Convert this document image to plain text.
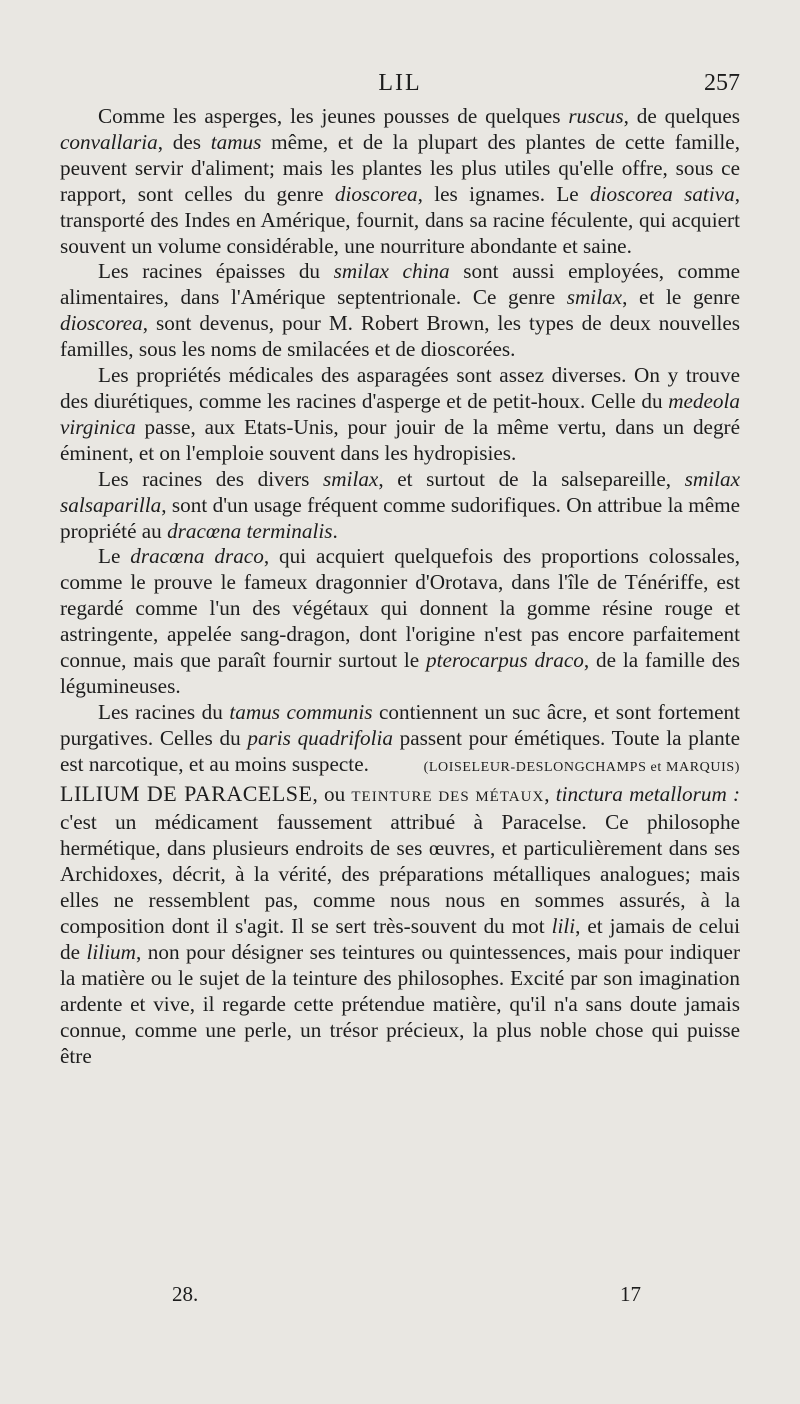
LIL	257

Comme les asperges, les jeunes pousses de quelques ruscus, de quelques convallaria, des tamus même, et de la plupart des plantes de cette famille, peuvent servir d'aliment; mais les plantes les plus utiles qu'elle offre, sous ce rapport, sont celles du genre dioscorea, les ignames. Le dioscorea sativa, transporté des Indes en Amérique, fournit, dans sa racine féculente, qui acquiert souvent un volume considérable, une nourriture abondante et saine.

Les racines épaisses du smilax china sont aussi employées, comme alimentaires, dans l'Amérique septentrionale. Ce genre smilax, et le genre dioscorea, sont devenus, pour M. Robert Brown, les types de deux nouvelles familles, sous les noms de smilacées et de dioscorées.

Les propriétés médicales des asparagées sont assez diverses. On y trouve des diurétiques, comme les racines d'asperge et de petit-houx. Celle du medeola virginica passe, aux Etats-Unis, pour jouir de la même vertu, dans un degré éminent, et on l'emploie souvent dans les hydropisies.

Les racines des divers smilax, et surtout de la salsepareille, smilax salsaparilla, sont d'un usage fréquent comme sudorifiques. On attribue la même propriété au dracœna terminalis.

Le dracœna draco, qui acquiert quelquefois des proportions colossales, comme le prouve le fameux dragonnier d'Orotava, dans l'île de Ténériffe, est regardé comme l'un des végétaux qui donnent la gomme résine rouge et astringente, appelée sang-dragon, dont l'origine n'est pas encore parfaitement connue, mais que paraît fournir surtout le pterocarpus draco, de la famille des légumineuses.

Les racines du tamus communis contiennent un suc âcre, et sont fortement purgatives. Celles du paris quadrifolia passent pour émétiques. Toute la plante est narcotique, et au moins suspecte.	(LOISELEUR-DESLONGCHAMPS et MARQUIS)

LILIUM DE PARACELSE, ou TEINTURE DES MÉTAUX, tinctura metallorum : c'est un médicament faussement attribué à Paracelse. Ce philosophe hermétique, dans plusieurs endroits de ses œuvres, et particulièrement dans ses Archidoxes, décrit, à la vérité, des préparations métalliques analogues; mais elles ne ressemblent pas, comme nous nous en sommes assurés, à la composition dont il s'agit. Il se sert très-souvent du mot lili, et jamais de celui de lilium, non pour désigner ses teintures ou quintessences, mais pour indiquer la matière ou le sujet de la teinture des philosophes. Excité par son imagination ardente et vive, il regarde cette prétendue matière, qu'il n'a sans doute jamais connue, comme une perle, un trésor précieux, la plus noble chose qui puisse être

28.	17
